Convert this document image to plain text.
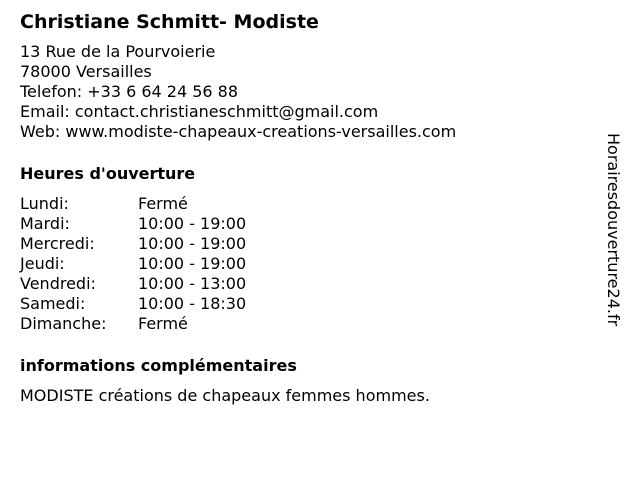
Christiane Schmitt- Modiste
13 Rue de la Pourvoierie
78000 Versailles
Telefon: +33 6 64 24 56 88
Email: contact.christianeschmitt@gmail.com
Web: www.modiste-chapeaux-creations-versailles.com
Heures d'ouverture
Lundi:	Fermé
Mardi:	10:00 - 19:00
Mercredi:	10:00 - 19:00
Jeudi:	10:00 - 19:00
Vendredi:	10:00 - 13:00
Samedi:	10:00 - 18:30
Dimanche:	Fermé
informations complémentaires
MODISTE créations de chapeaux femmes hommes.
Horairesdouverture24.fr
